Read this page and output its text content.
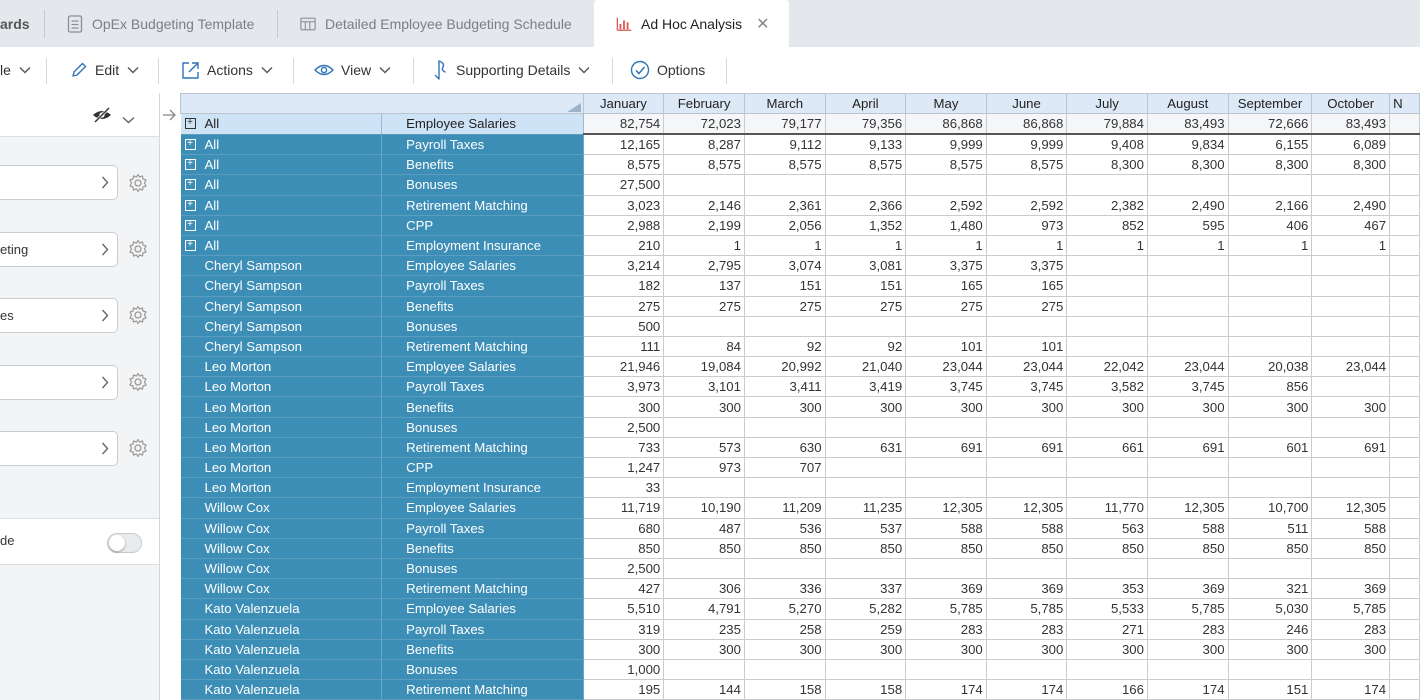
ards	OpEx Budgeting Template	Detailed Employee Budgeting Schedule	Ad Hoc Analysis ✕
le	Edit	Actions	View	Supporting Details	Options
eting
es
de
		January	February	March	April	May	June	July	August	September	October	N

+ All	Employee Salaries	82,754	72,023	79,177	79,356	86,868	86,868	79,884	83,493	72,666	83,493	

+ All	Payroll Taxes	12,165	8,287	9,112	9,133	9,999	9,999	9,408	9,834	6,155	6,089	

+ All	Benefits	8,575	8,575	8,575	8,575	8,575	8,575	8,300	8,300	8,300	8,300	

+ All	Bonuses	27,500										

+ All	Retirement Matching	3,023	2,146	2,361	2,366	2,592	2,592	2,382	2,490	2,166	2,490	

+ All	CPP	2,988	2,199	2,056	1,352	1,480	973	852	595	406	467	

+ All	Employment Insurance	210	1	1	1	1	1	1	1	1	1	
Cheryl Sampson	Employee Salaries	3,214	2,795	3,074	3,081	3,375	3,375					
Cheryl Sampson	Payroll Taxes	182	137	151	151	165	165					
Cheryl Sampson	Benefits	275	275	275	275	275	275					
Cheryl Sampson	Bonuses	500										
Cheryl Sampson	Retirement Matching	111	84	92	92	101	101					
Leo Morton	Employee Salaries	21,946	19,084	20,992	21,040	23,044	23,044	22,042	23,044	20,038	23,044	
Leo Morton	Payroll Taxes	3,973	3,101	3,411	3,419	3,745	3,745	3,582	3,745	856		
Leo Morton	Benefits	300	300	300	300	300	300	300	300	300	300	
Leo Morton	Bonuses	2,500										
Leo Morton	Retirement Matching	733	573	630	631	691	691	661	691	601	691	
Leo Morton	CPP	1,247	973	707								
Leo Morton	Employment Insurance	33										
Willow Cox	Employee Salaries	11,719	10,190	11,209	11,235	12,305	12,305	11,770	12,305	10,700	12,305	
Willow Cox	Payroll Taxes	680	487	536	537	588	588	563	588	511	588	
Willow Cox	Benefits	850	850	850	850	850	850	850	850	850	850	
Willow Cox	Bonuses	2,500										
Willow Cox	Retirement Matching	427	306	336	337	369	369	353	369	321	369	
Kato Valenzuela	Employee Salaries	5,510	4,791	5,270	5,282	5,785	5,785	5,533	5,785	5,030	5,785	
Kato Valenzuela	Payroll Taxes	319	235	258	259	283	283	271	283	246	283	
Kato Valenzuela	Benefits	300	300	300	300	300	300	300	300	300	300	
Kato Valenzuela	Bonuses	1,000										
Kato Valenzuela	Retirement Matching	195	144	158	158	174	174	166	174	151	174	
